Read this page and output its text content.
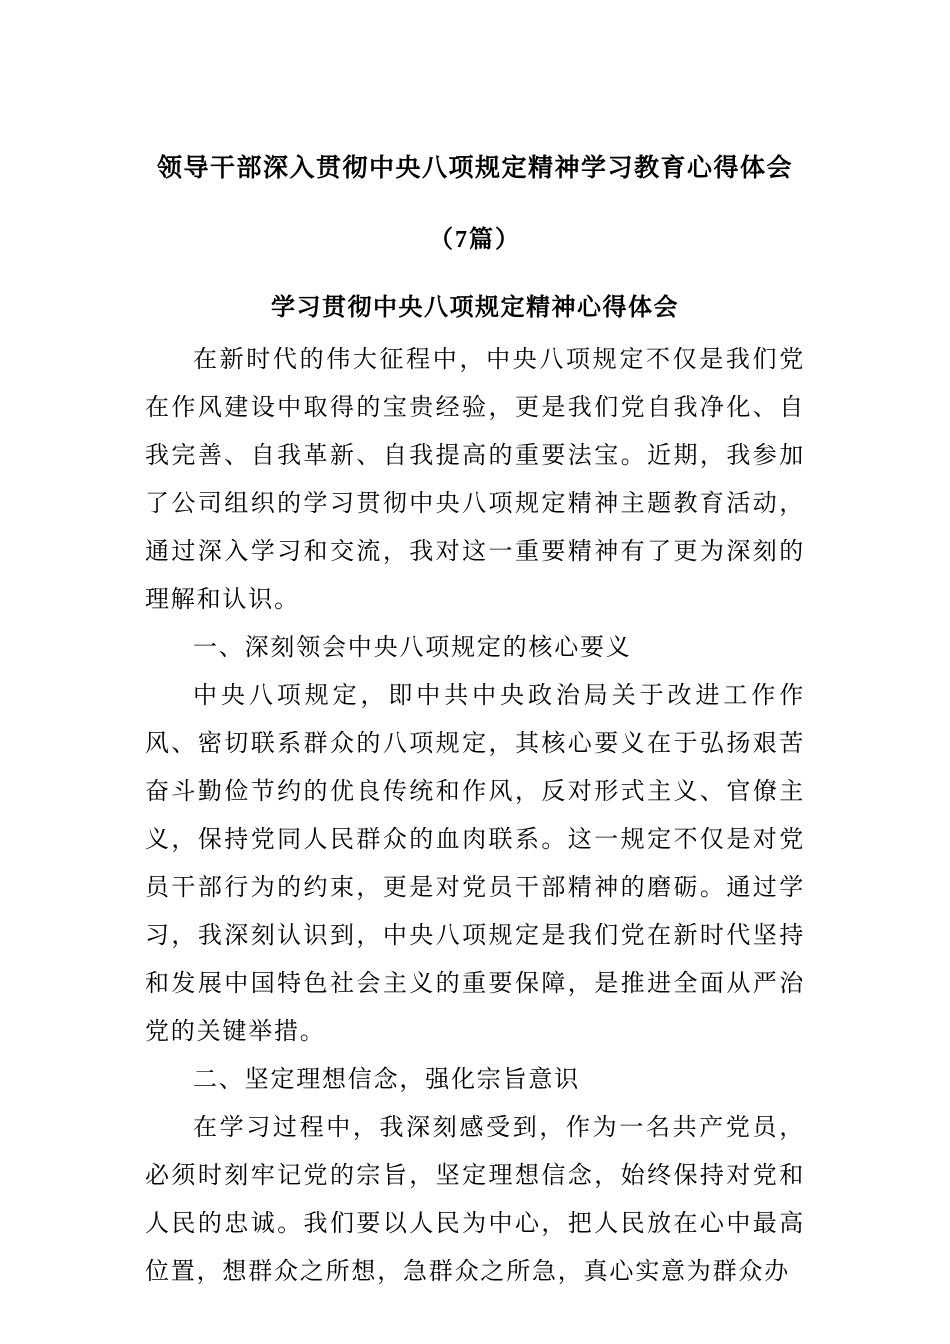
领导干部深入贯彻中央八项规定精神学习教育心得体会
（7篇）
学习贯彻中央八项规定精神心得体会

在新时代的伟大征程中，中央八项规定不仅是我们党在作风建设中取得的宝贵经验，更是我们党自我净化、自我完善、自我革新、自我提高的重要法宝。近期，我参加了公司组织的学习贯彻中央八项规定精神主题教育活动，通过深入学习和交流，我对这一重要精神有了更为深刻的理解和认识。

一、深刻领会中央八项规定的核心要义

中央八项规定，即中共中央政治局关于改进工作作风、密切联系群众的八项规定，其核心要义在于弘扬艰苦奋斗勤俭节约的优良传统和作风，反对形式主义、官僚主义，保持党同人民群众的血肉联系。这一规定不仅是对党员干部行为的约束，更是对党员干部精神的磨砺。通过学习，我深刻认识到，中央八项规定是我们党在新时代坚持和发展中国特色社会主义的重要保障，是推进全面从严治党的关键举措。

二、坚定理想信念，强化宗旨意识

在学习过程中，我深刻感受到，作为一名共产党员，必须时刻牢记党的宗旨，坚定理想信念，始终保持对党和人民的忠诚。我们要以人民为中心，把人民放在心中最高位置，想群众之所想，急群众之所急，真心实意为群众办
